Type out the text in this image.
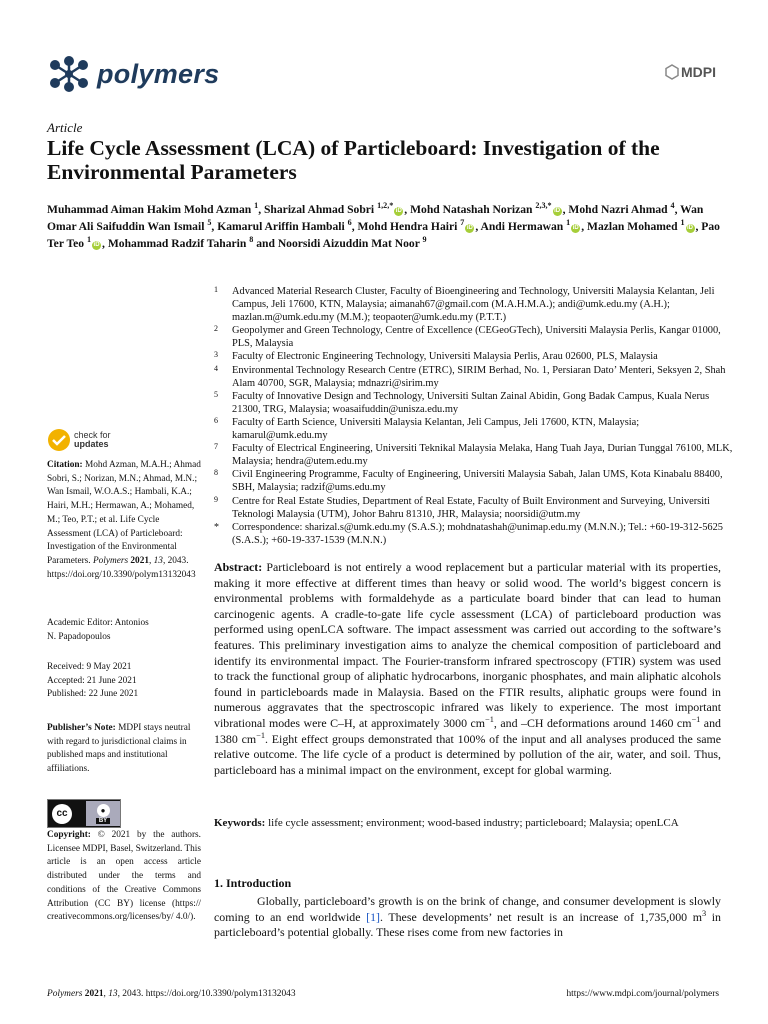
polymers	MDPI
Article
Life Cycle Assessment (LCA) of Particleboard: Investigation of the Environmental Parameters
Muhammad Aiman Hakim Mohd Azman $^1$, Sharizal Ahmad Sobri $^{1,2,*}$iD , Mohd Natashah Norizan $^{2,3,*}$iD , Mohd Nazri Ahmad $^4$, Wan Omar Ali Saifuddin Wan Ismail $^5$, Kamarul Ariffin Hambali $^6$, Mohd Hendra Hairi $^7$iD , Andi Hermawan $^1$iD , Mazlan Mohamed $^1$iD , Pao Ter Teo $^1$iD , Mohammad Radzif Taharin $^8$ and Noorsidi Aizuddin Mat Noor $^9$
1 Advanced Material Research Cluster, Faculty of Bioengineering and Technology, Universiti Malaysia Kelantan, Jeli Campus, Jeli 17600, KTN, Malaysia; aimanah67@gmail.com (M.A.H.M.A.); andi@umk.edu.my (A.H.); mazlan.m@umk.edu.my (M.M.); teopaoter@umk.edu.my (P.T.T.)
2 Geopolymer and Green Technology, Centre of Excellence (CEGeoGTech), Universiti Malaysia Perlis, Kangar 01000, PLS, Malaysia
3 Faculty of Electronic Engineering Technology, Universiti Malaysia Perlis, Arau 02600, PLS, Malaysia
4 Environmental Technology Research Centre (ETRC), SIRIM Berhad, No. 1, Persiaran Dato’ Menteri, Seksyen 2, Shah Alam 40700, SGR, Malaysia; mdnazri@sirim.my
5 Faculty of Innovative Design and Technology, Universiti Sultan Zainal Abidin, Gong Badak Campus, Kuala Nerus 21300, TRG, Malaysia; woasaifuddin@unisza.edu.my
6 Faculty of Earth Science, Universiti Malaysia Kelantan, Jeli Campus, Jeli 17600, KTN, Malaysia; kamarul@umk.edu.my
7 Faculty of Electrical Engineering, Universiti Teknikal Malaysia Melaka, Hang Tuah Jaya, Durian Tunggal 76100, MLK, Malaysia; hendra@utem.edu.my
8 Civil Engineering Programme, Faculty of Engineering, Universiti Malaysia Sabah, Jalan UMS, Kota Kinabalu 88400, SBH, Malaysia; radzif@ums.edu.my
9 Centre for Real Estate Studies, Department of Real Estate, Faculty of Built Environment and Surveying, Universiti Teknologi Malaysia (UTM), Johor Bahru 81310, JHR, Malaysia; noorsidi@utm.my
* Correspondence: sharizal.s@umk.edu.my (S.A.S.); mohdnatashah@unimap.edu.my (M.N.N.); Tel.: +60-19-312-5625 (S.A.S.); +60-19-337-1539 (M.N.N.)
check for
updates
Citation: Mohd Azman, M.A.H.; Ahmad Sobri, S.; Norizan, M.N.; Ahmad, M.N.; Wan Ismail, W.O.A.S.; Hambali, K.A.; Hairi, M.H.; Hermawan, A.; Mohamed, M.; Teo, P.T.; et al. Life Cycle Assessment (LCA) of Particleboard: Investigation of the Environmental Parameters. Polymers 2021, 13, 2043. https://doi.org/10.3390/polym13132043
Academic Editor: Antonios
N. Papadopoulos
Received: 9 May 2021
Accepted: 21 June 2021
Published: 22 June 2021
Publisher’s Note: MDPI stays neutral with regard to jurisdictional claims in published maps and institutional affiliations.
cc	●
BY
Copyright: © 2021 by the authors. Licensee MDPI, Basel, Switzerland. This article is an open access article distributed under the terms and conditions of the Creative Commons Attribution (CC BY) license (https:// creativecommons.org/licenses/by/ 4.0/).
Abstract: Particleboard is not entirely a wood replacement but a particular material with its properties, making it more effective at different times than heavy or solid wood. The world’s biggest concern is environmental problems with formaldehyde as a particulate board binder that can lead to human carcinogenic agents. A cradle-to-gate life cycle assessment (LCA) of particleboard production was performed using openLCA software. The impact assessment was carried out according to the software’s features. This preliminary investigation aims to analyze the chemical composition of particleboard and identify its environmental impact. The Fourier-transform infrared spectroscopy (FTIR) system was used to track the functional group of aliphatic hydrocarbons, inorganic phosphates, and main aliphatic alcohols found in particleboards made in Malaysia. Based on the FTIR results, aliphatic groups were found in numerous aggravates that the spectroscopic infrared was likely to experience. The most important vibrational modes were C–H, at approximately 3000 $cm^{-1}$, and –CH deformations around 1460 $cm^{-1}$ and 1380 $cm^{-1}$. Eight effect groups demonstrated that 100% of the input and all analyses produced the same relative outcome. The life cycle of a product is determined by pollution of the air, water, and soil. Thus, particleboard has a minimal impact on the environment, except for global warming.
Keywords: life cycle assessment; environment; wood-based industry; particleboard; Malaysia; openLCA
1. Introduction
Globally, particleboard’s growth is on the brink of change, and consumer development is slowly coming to an end worldwide [1]. These developments’ net result is an increase of 1,735,000 $m^3$ in particleboard’s potential globally. These rises come from new factories in
Polymers 2021, 13, 2043. https://doi.org/10.3390/polym13132043	https://www.mdpi.com/journal/polymers
